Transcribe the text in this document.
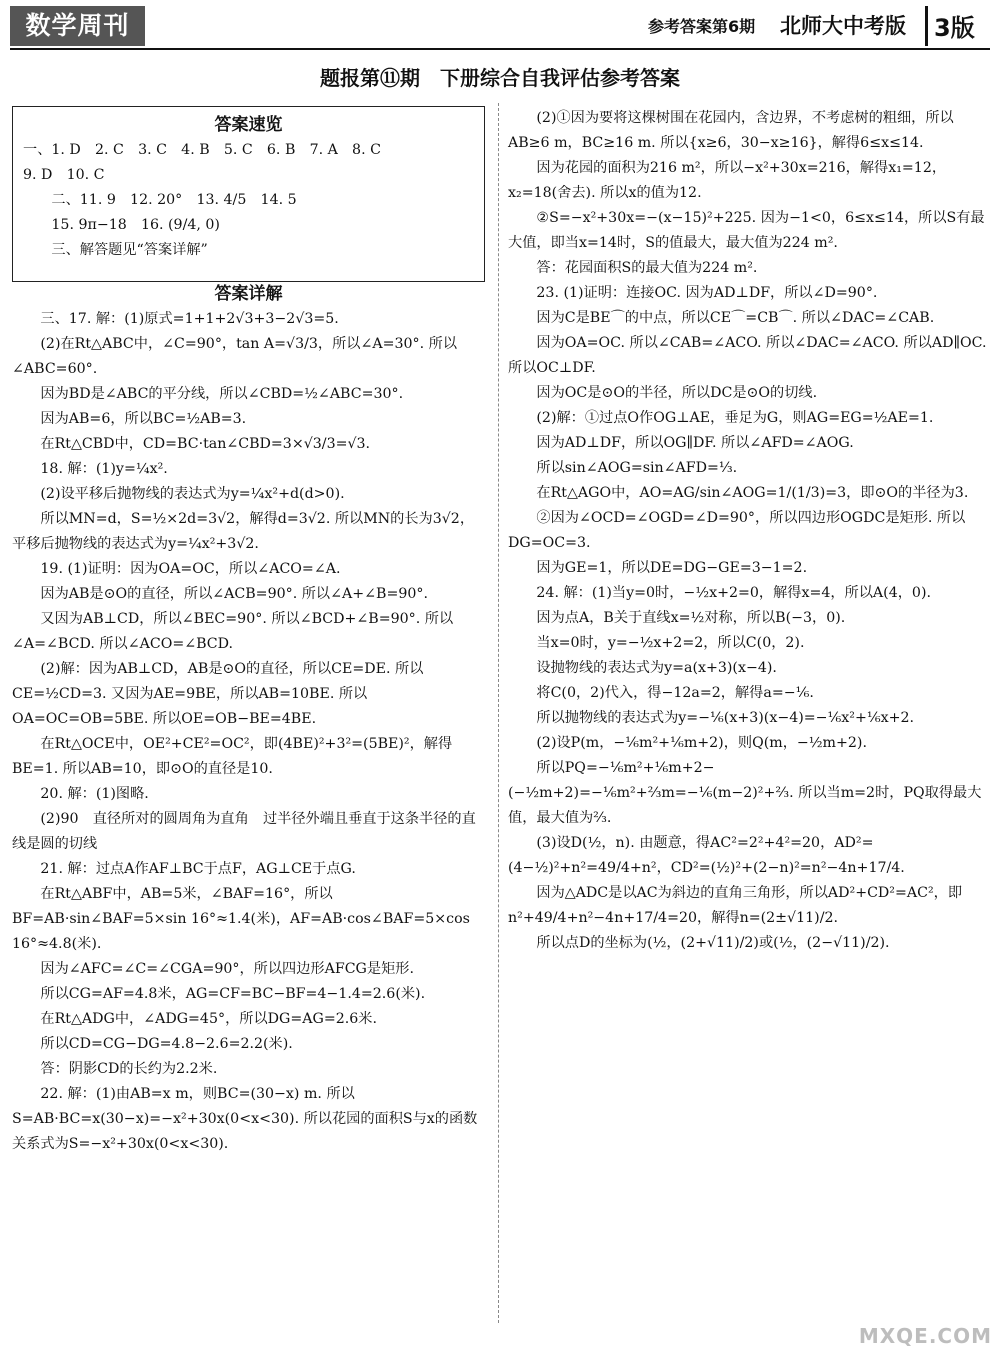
数学周刊	参考答案第6期 北师大中考版 3版
题报第⑪期　下册综合自我评估参考答案
答案速览

一、1. D　2. C　3. C　4. B　5. C　6. B　7. A　8. C

9. D　10. C

二、11. 9　12. 20°　13. 4/5　14. 5

15. 9π−18　16. (9/4, 0)

三、解答题见“答案详解”

答案详解

三、17. 解：(1)原式=1+1+2√3+3−2√3=5.

(2)在Rt△ABC中，∠C=90°，tan A=√3/3，所以∠A=30°. 所以∠ABC=60°.

因为BD是∠ABC的平分线，所以∠CBD=½∠ABC=30°.

因为AB=6，所以BC=½AB=3.

在Rt△CBD中，CD=BC·tan∠CBD=3×√3/3=√3.

18. 解：(1)y=¼x².

(2)设平移后抛物线的表达式为y=¼x²+d(d>0).

所以MN=d，S=½×2d=3√2，解得d=3√2. 所以MN的长为3√2，平移后抛物线的表达式为y=¼x²+3√2.

19. (1)证明：因为OA=OC，所以∠ACO=∠A.

因为AB是⊙O的直径，所以∠ACB=90°. 所以∠A+∠B=90°.

又因为AB⊥CD，所以∠BEC=90°. 所以∠BCD+∠B=90°. 所以∠A=∠BCD. 所以∠ACO=∠BCD.

(2)解：因为AB⊥CD，AB是⊙O的直径，所以CE=DE. 所以CE=½CD=3. 又因为AE=9BE，所以AB=10BE. 所以OA=OC=OB=5BE. 所以OE=OB−BE=4BE.

在Rt△OCE中，OE²+CE²=OC²，即(4BE)²+3²=(5BE)²，解得BE=1. 所以AB=10，即⊙O的直径是10.

20. 解：(1)图略.

(2)90　直径所对的圆周角为直角　过半径外端且垂直于这条半径的直线是圆的切线

21. 解：过点A作AF⊥BC于点F，AG⊥CE于点G.

在Rt△ABF中，AB=5米，∠BAF=16°，所以BF=AB·sin∠BAF=5×sin 16°≈1.4(米)，AF=AB·cos∠BAF=5×cos 16°≈4.8(米).

因为∠AFC=∠C=∠CGA=90°，所以四边形AFCG是矩形.

所以CG=AF=4.8米，AG=CF=BC−BF=4−1.4=2.6(米).

在Rt△ADG中，∠ADG=45°，所以DG=AG=2.6米.

所以CD=CG−DG=4.8−2.6=2.2(米).

答：阴影CD的长约为2.2米.

22. 解：(1)由AB=x m，则BC=(30−x) m. 所以S=AB·BC=x(30−x)=−x²+30x(0<x<30). 所以花园的面积S与x的函数关系式为S=−x²+30x(0<x<30).

(2)①因为要将这棵树围在花园内，含边界，不考虑树的粗细，所以AB≥6 m，BC≥16 m. 所以{x≥6，30−x≥16}，解得6≤x≤14.

因为花园的面积为216 m²，所以−x²+30x=216，解得x₁=12，x₂=18(舍去). 所以x的值为12.

②S=−x²+30x=−(x−15)²+225. 因为−1<0，6≤x≤14，所以S有最大值，即当x=14时，S的值最大，最大值为224 m².

答：花园面积S的最大值为224 m².

23. (1)证明：连接OC. 因为AD⊥DF，所以∠D=90°.

因为C是BE⌒的中点，所以CE⌒=CB⌒. 所以∠DAC=∠CAB.

因为OA=OC. 所以∠CAB=∠ACO. 所以∠DAC=∠ACO. 所以AD∥OC. 所以OC⊥DF.

因为OC是⊙O的半径，所以DC是⊙O的切线.

(2)解：①过点O作OG⊥AE，垂足为G，则AG=EG=½AE=1.

因为AD⊥DF，所以OG∥DF. 所以∠AFD=∠AOG.

所以sin∠AOG=sin∠AFD=⅓.

在Rt△AGO中，AO=AG/sin∠AOG=1/(1/3)=3，即⊙O的半径为3.

②因为∠OCD=∠OGD=∠D=90°，所以四边形OGDC是矩形. 所以DG=OC=3.

因为GE=1，所以DE=DG−GE=3−1=2.

24. 解：(1)当y=0时，−½x+2=0，解得x=4，所以A(4，0).

因为点A，B关于直线x=½对称，所以B(−3，0).

当x=0时，y=−½x+2=2，所以C(0，2).

设抛物线的表达式为y=a(x+3)(x−4).

将C(0，2)代入，得−12a=2，解得a=−⅙.

所以抛物线的表达式为y=−⅙(x+3)(x−4)=−⅙x²+⅙x+2.

(2)设P(m，−⅙m²+⅙m+2)，则Q(m，−½m+2).

所以PQ=−⅙m²+⅙m+2−(−½m+2)=−⅙m²+⅔m=−⅙(m−2)²+⅔. 所以当m=2时，PQ取得最大值，最大值为⅔.

(3)设D(½，n). 由题意，得AC²=2²+4²=20，AD²=(4−½)²+n²=49/4+n²，CD²=(½)²+(2−n)²=n²−4n+17/4.

因为△ADC是以AC为斜边的直角三角形，所以AD²+CD²=AC²，即n²+49/4+n²−4n+17/4=20，解得n=(2±√11)/2.

所以点D的坐标为(½，(2+√11)/2)或(½，(2−√11)/2).

MXQE.COM
